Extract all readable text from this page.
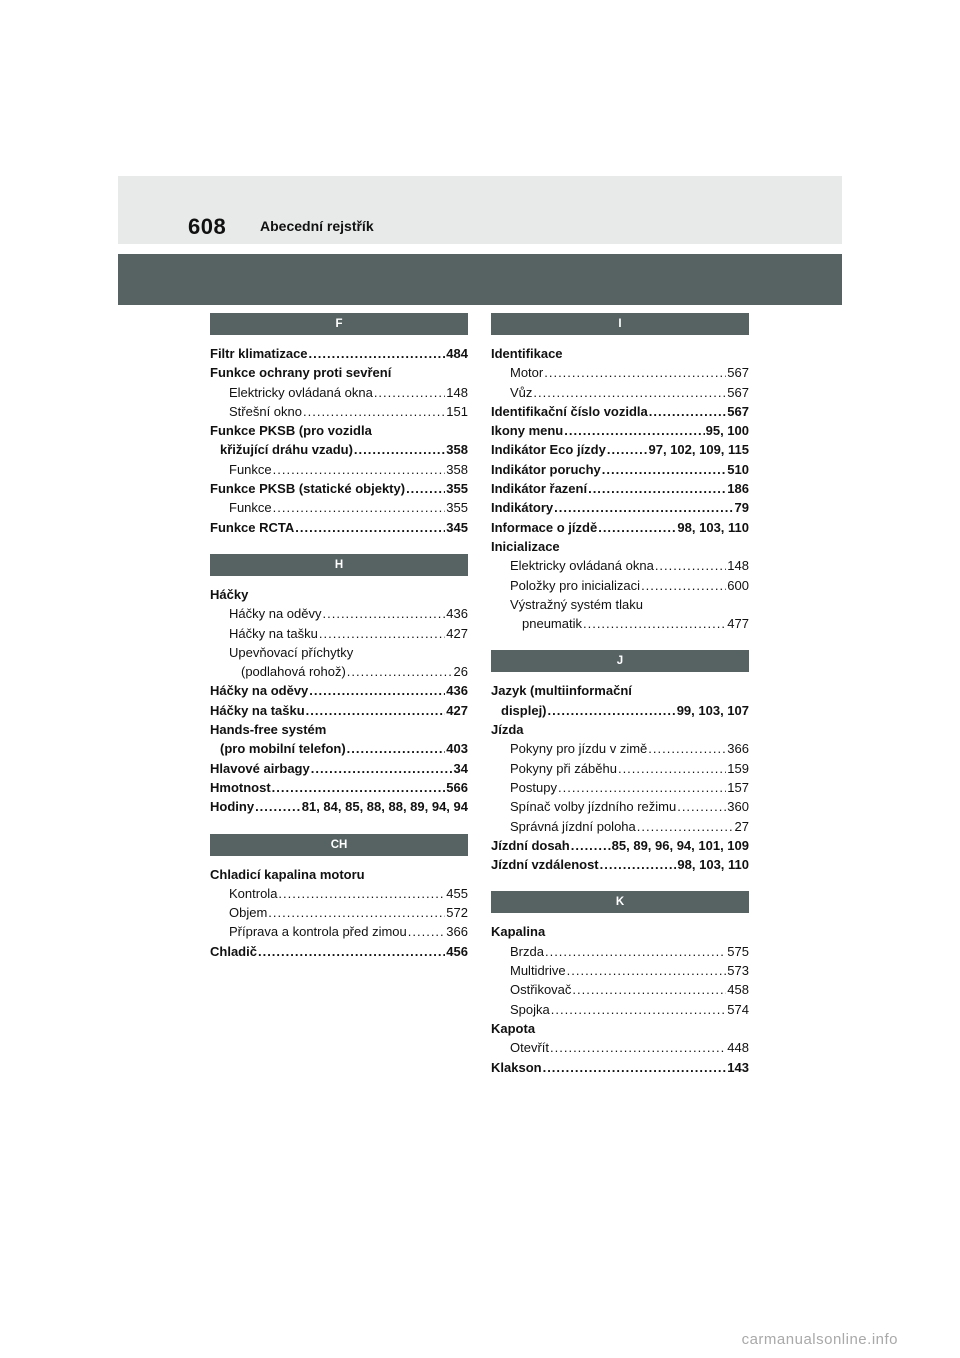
608 Abecední rejstřík
F
Filtr klimatizace .....	484
Funkce ochrany proti sevření
Elektricky ovládaná okna .....	148
Střešní okno .....	151
Funkce PKSB (pro vozidla
křižující dráhu vzadu) .....	358
Funkce .....	358
Funkce PKSB (statické objekty) .....	355
Funkce .....	355
Funkce RCTA .....	345
H
Háčky
Háčky na oděvy .....	436
Háčky na tašku .....	427
Upevňovací příchytky
(podlahová rohož) .....	26
Háčky na oděvy .....	436
Háčky na tašku .....	427
Hands-free systém
(pro mobilní telefon) .....	403
Hlavové airbagy .....	34
Hmotnost .....	566
Hodiny .....	81, 84, 85, 88, 88, 89, 94, 94
CH
Chladicí kapalina motoru
Kontrola .....	455
Objem .....	572
Příprava a kontrola před zimou .....	366
Chladič .....	456
I
Identifikace
Motor .....	567
Vůz .....	567
Identifikační číslo vozidla .....	567
Ikony menu .....	95, 100
Indikátor Eco jízdy .....	97, 102, 109, 115
Indikátor poruchy .....	510
Indikátor řazení .....	186
Indikátory .....	79
Informace o jízdě .....	98, 103, 110
Inicializace
Elektricky ovládaná okna .....	148
Položky pro inicializaci .....	600
Výstražný systém tlaku
pneumatik .....	477
J
Jazyk (multiinformační
displej) .....	99, 103, 107
Jízda
Pokyny pro jízdu v zimě .....	366
Pokyny při záběhu .....	159
Postupy .....	157
Spínač volby jízdního režimu .....	360
Správná jízdní poloha .....	27
Jízdní dosah .....	85, 89, 96, 94, 101, 109
Jízdní vzdálenost .....	98, 103, 110
K
Kapalina
Brzda .....	575
Multidrive .....	573
Ostřikovač .....	458
Spojka .....	574
Kapota
Otevřít .....	448
Klakson .....	143
carmanualsonline.info
